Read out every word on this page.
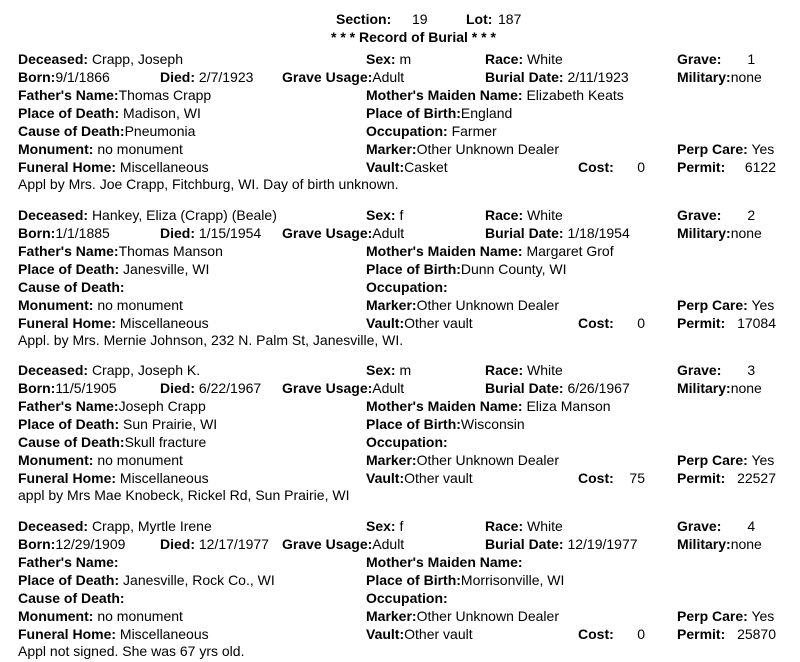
Section: 19	Lot: 187
* * * Record of Burial * * *
Deceased: Crapp, Joseph	Sex: m	Race: White	Grave: 1
Born:9/1/1866	Died: 2/7/1923 Grave Usage:Adult	Burial Date: 2/11/1923	Military:none
Father's Name:Thomas Crapp	Mother's Maiden Name: Elizabeth Keats
Place of Death: Madison, WI	Place of Birth:England
Cause of Death:Pneumonia	Occupation: Farmer
Monument: no monument	Marker:Other Unknown Dealer	Perp Care: Yes
Funeral Home: Miscellaneous	Vault:Casket	Cost:	0 Permit:	6122
Appl by Mrs. Joe Crapp, Fitchburg, WI. Day of birth unknown.
Deceased: Hankey, Eliza (Crapp) (Beale)	Sex: f	Race: White	Grave: 2
Born:1/1/1885	Died: 1/15/1954 Grave Usage:Adult	Burial Date: 1/18/1954	Military:none
Father's Name:Thomas Manson	Mother's Maiden Name: Margaret Grof
Place of Death: Janesville, WI	Place of Birth:Dunn County, WI
Cause of Death:	Occupation:
Monument: no monument	Marker:Other Unknown Dealer	Perp Care: Yes
Funeral Home: Miscellaneous	Vault:Other vault	Cost:	0 Permit: 17084
Appl. by Mrs. Mernie Johnson, 232 N. Palm St, Janesville, WI.
Deceased: Crapp, Joseph K.	Sex: m	Race: White	Grave: 3
Born:11/5/1905	Died: 6/22/1967 Grave Usage:Adult	Burial Date: 6/26/1967	Military:none
Father's Name:Joseph Crapp	Mother's Maiden Name: Eliza Manson
Place of Death: Sun Prairie, WI	Place of Birth:Wisconsin
Cause of Death:Skull fracture	Occupation:
Monument: no monument	Marker:Other Unknown Dealer	Perp Care: Yes
Funeral Home: Miscellaneous	Vault:Other vault	Cost:	75 Permit: 22527
appl by Mrs Mae Knobeck, Rickel Rd, Sun Prairie, WI
Deceased: Crapp, Myrtle Irene	Sex: f	Race: White	Grave: 4
Born:12/29/1909 Died: 12/17/1977 Grave Usage:Adult	Burial Date: 12/19/1977	Military:none
Father's Name:	Mother's Maiden Name:
Place of Death: Janesville, Rock Co., WI	Place of Birth:Morrisonville, WI
Cause of Death:	Occupation:
Monument: no monument	Marker:Other Unknown Dealer	Perp Care: Yes
Funeral Home: Miscellaneous	Vault:Other vault	Cost:	0 Permit: 25870
Appl not signed. She was 67 yrs old.
